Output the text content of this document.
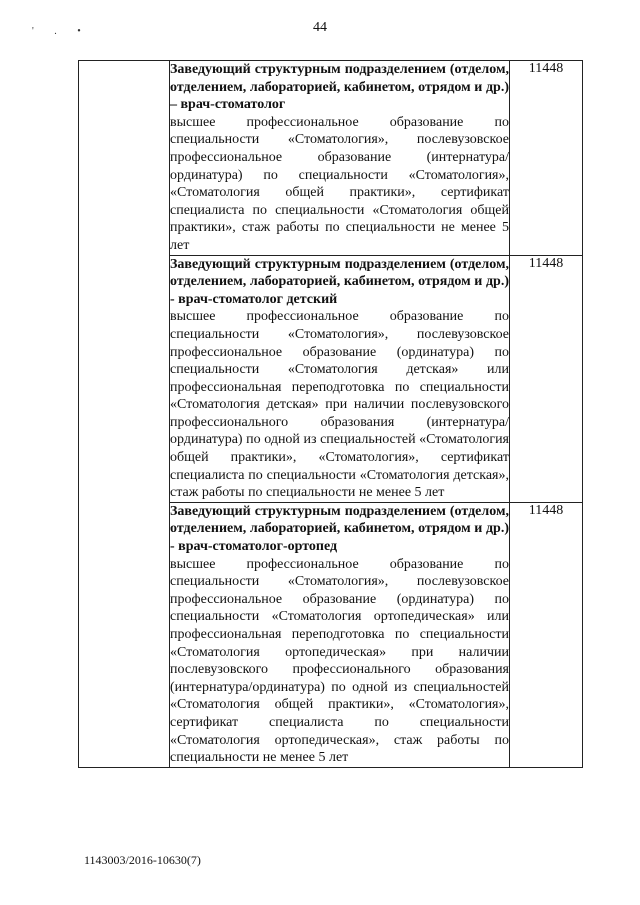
' . •	44

	Заведующий структурным подразделением (отделом, отделением, лабораторией, кабинетом, отрядом и др.) – врач-стоматолог
высшее профессиональное образование по специальности «Стоматология», послевузовское профессиональное образование (интернатура/ординатура) по специальности «Стоматология», «Стоматология общей практики», сертификат специалиста по специальности «Стоматология общей практики», стаж работы по специальности не менее 5 лет	11448

	Заведующий структурным подразделением (отделом, отделением, лабораторией, кабинетом, отрядом и др.) - врач-стоматолог детский
высшее профессиональное образование по специальности «Стоматология», послевузовское профессиональное образование (ординатура) по специальности «Стоматология детская» или профессиональная переподготовка по специальности «Стоматология детская» при наличии послевузовского профессионального образования (интернатура/ординатура) по одной из специальностей «Стоматология общей практики», «Стоматология», сертификат специалиста по специальности «Стоматология детская», стаж работы по специальности не менее 5 лет	11448

	Заведующий структурным подразделением (отделом, отделением, лабораторией, кабинетом, отрядом и др.) - врач-стоматолог-ортопед
высшее профессиональное образование по специальности «Стоматология», послевузовское профессиональное образование (ординатура) по специальности «Стоматология ортопедическая» или профессиональная переподготовка по специальности «Стоматология ортопедическая» при наличии послевузовского профессионального образования (интернатура/ординатура) по одной из специальностей «Стоматология общей практики», «Стоматология», сертификат специалиста по специальности «Стоматология ортопедическая», стаж работы по специальности не менее 5 лет	11448
1143003/2016-10630(7)
